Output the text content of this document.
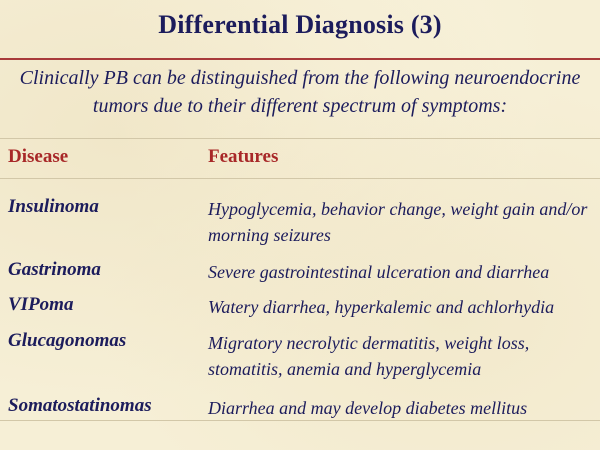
Differential Diagnosis (3)
Clinically PB can be distinguished from the following neuroendocrine tumors due to their different spectrum of symptoms:
Disease	Features
Insulinoma	Hypoglycemia, behavior change, weight gain and/or morning seizures
Gastrinoma	Severe gastrointestinal ulceration and diarrhea
VIPoma	Watery diarrhea, hyperkalemic and achlorhydia
Glucagonomas	Migratory necrolytic dermatitis, weight loss, stomatitis, anemia and hyperglycemia
Somatostatinomas	Diarrhea and may develop diabetes mellitus
